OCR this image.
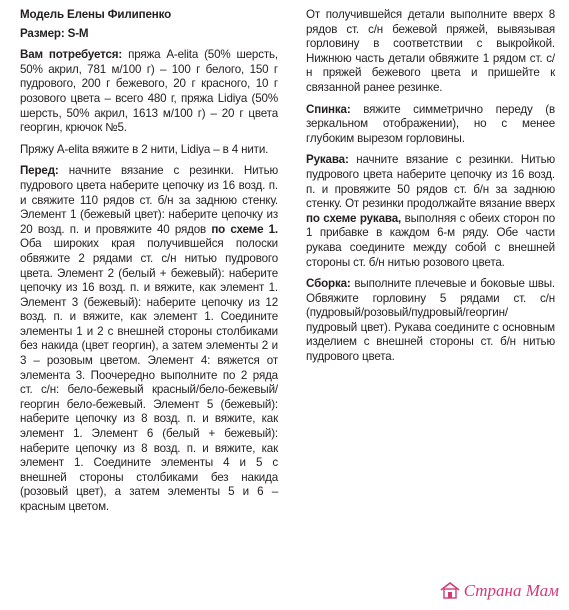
Модель Елены Филипенко

Размер: S-M

Вам потребуется: пряжа A-elita (50% шерсть, 50% акрил, 781 м/100 г) – 100 г белого, 150 г пудрового, 200 г бежевого, 20 г красного, 10 г розового цвета – всего 480 г, пряжа Lidiya (50% шерсть, 50% акрил, 1613 м/100 г) – 20 г цвета георгин, крючок №5.

Пряжу A-elita вяжите в 2 нити, Lidiya – в 4 нити.

Перед: начните вязание с резинки. Нитью пудрового цвета наберите цепочку из 16 возд. п. и свяжите 110 рядов ст. б/н за заднюю стенку. Элемент 1 (бежевый цвет): наберите цепочку из 20 возд. п. и провяжите 40 рядов по схеме 1. Оба широких края получившейся полоски обвяжите 2 рядами ст. с/н нитью пудрового цвета. Элемент 2 (белый + бежевый): наберите цепочку из 16 возд. п. и вяжите, как элемент 1. Элемент 3 (бежевый): наберите цепочку из 12 возд. п. и вяжите, как элемент 1. Соедините элементы 1 и 2 с внешней стороны столбиками без накида (цвет георгин), а затем элементы 2 и 3 – розовым цветом. Элемент 4: вяжется от элемента 3. Поочередно выполните по 2 ряда ст. с/н: бело-бежевый красный/бело-бежевый/георгин бело-бежевый. Элемент 5 (бежевый): наберите цепочку из 8 возд. п. и вяжите, как элемент 1. Элемент 6 (белый + бежевый): наберите цепочку из 8 возд. п. и вяжите, как элемент 1. Соедините элементы 4 и 5 с внешней стороны столбиками без накида (розовый цвет), а затем элементы 5 и 6 – красным цветом.

От получившейся детали выполните вверх 8 рядов ст. с/н бежевой пряжей, вывязывая горловину в соответствии с выкройкой. Нижнюю часть детали обвяжите 1 рядом ст. с/н пряжей бежевого цвета и пришейте к связанной ранее резинке.

Спинка: вяжите симметрично переду (в зеркальном отображении), но с менее глубоким вырезом горловины.

Рукава: начните вязание с резинки. Нитью пудрового цвета наберите цепочку из 16 возд. п. и провяжите 50 рядов ст. б/н за заднюю стенку. От резинки продолжайте вязание вверх по схеме рукава, выполняя с обеих сторон по 1 прибавке в каждом 6-м ряду. Обе части рукава соедините между собой с внешней стороны ст. б/н нитью розового цвета.

Сборка: выполните плечевые и боковые швы. Обвяжите горловину 5 рядами ст. с/н (пудровый/розовый/пудровый/георгин/пудровый цвет). Рукава соедините с основным изделием с внешней стороны ст. б/н нитью пудрового цвета.

Страна Мам
